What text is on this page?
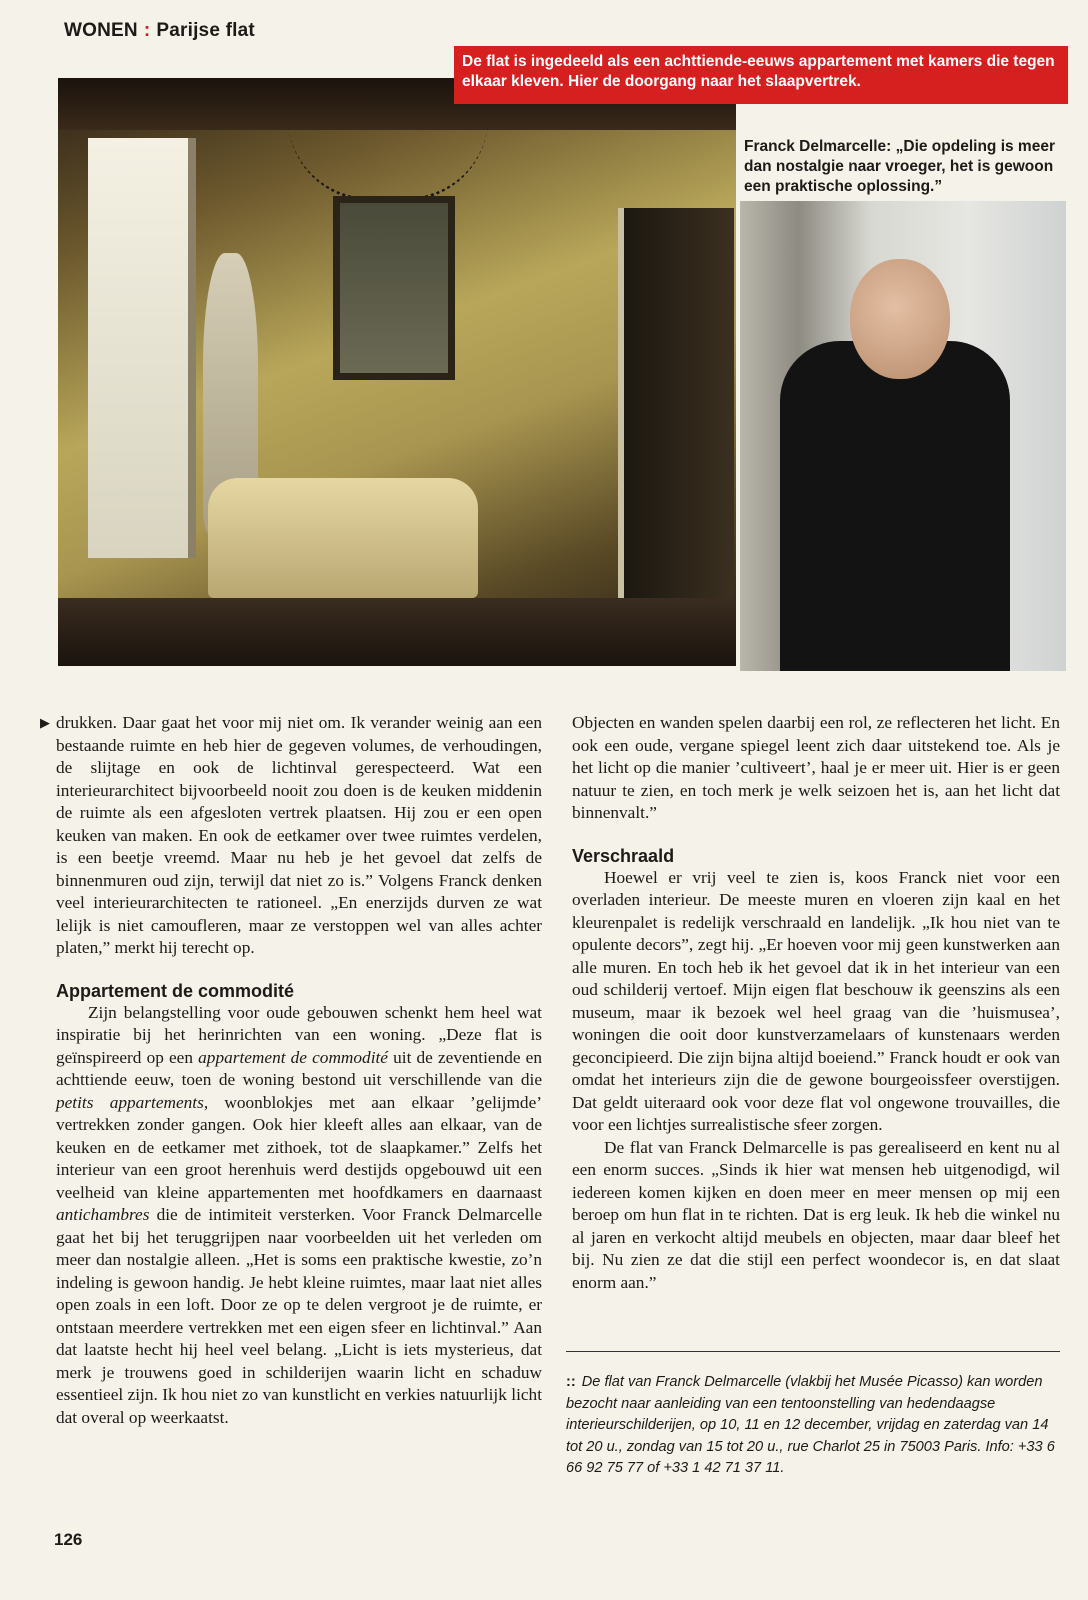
WONEN : Parijse flat
De flat is ingedeeld als een achttiende-eeuws appartement met kamers die tegen elkaar kleven. Hier de doorgang naar het slaapvertrek.
Franck Delmarcelle: „Die opdeling is meer dan nostalgie naar vroeger, het is gewoon een praktische oplossing.”
▶ drukken. Daar gaat het voor mij niet om. Ik verander weinig aan een bestaande ruimte en heb hier de gegeven volumes, de verhoudingen, de slijtage en ook de lichtinval gerespecteerd. Wat een interieurarchitect bijvoorbeeld nooit zou doen is de keuken middenin de ruimte als een afgesloten vertrek plaatsen. Hij zou er een open keuken van maken. En ook de eetkamer over twee ruimtes verdelen, is een beetje vreemd. Maar nu heb je het gevoel dat zelfs de binnenmuren oud zijn, terwijl dat niet zo is.” Volgens Franck denken veel interieurarchitecten te rationeel. „En enerzijds durven ze wat lelijk is niet camoufleren, maar ze verstoppen wel van alles achter platen,” merkt hij terecht op.

Appartement de commodité

Zijn belangstelling voor oude gebouwen schenkt hem heel wat inspiratie bij het herinrichten van een woning. „Deze flat is geïnspireerd op een appartement de commodité uit de zeventiende en achttiende eeuw, toen de woning bestond uit verschillende van die petits appartements, woonblokjes met aan elkaar ’gelijmde’ vertrekken zonder gangen. Ook hier kleeft alles aan elkaar, van de keuken en de eetkamer met zithoek, tot de slaapkamer.” Zelfs het interieur van een groot herenhuis werd destijds opgebouwd uit een veelheid van kleine appartementen met hoofdkamers en daarnaast antichambres die de intimiteit versterken. Voor Franck Delmarcelle gaat het bij het teruggrijpen naar voorbeelden uit het verleden om meer dan nostalgie alleen. „Het is soms een praktische kwestie, zo’n indeling is gewoon handig. Je hebt kleine ruimtes, maar laat niet alles open zoals in een loft. Door ze op te delen vergroot je de ruimte, er ontstaan meerdere vertrekken met een eigen sfeer en lichtinval.” Aan dat laatste hecht hij heel veel belang. „Licht is iets mysterieus, dat merk je trouwens goed in schilderijen waarin licht en schaduw essentieel zijn. Ik hou niet zo van kunstlicht en verkies natuurlijk licht dat overal op weerkaatst.

Objecten en wanden spelen daarbij een rol, ze reflecteren het licht. En ook een oude, vergane spiegel leent zich daar uitstekend toe. Als je het licht op die manier ’cultiveert’, haal je er meer uit. Hier is er geen natuur te zien, en toch merk je welk seizoen het is, aan het licht dat binnenvalt.”

Verschraald

Hoewel er vrij veel te zien is, koos Franck niet voor een overladen interieur. De meeste muren en vloeren zijn kaal en het kleurenpalet is redelijk verschraald en landelijk. „Ik hou niet van te opulente decors”, zegt hij. „Er hoeven voor mij geen kunstwerken aan alle muren. En toch heb ik het gevoel dat ik in het interieur van een oud schilderij vertoef. Mijn eigen flat beschouw ik geenszins als een museum, maar ik bezoek wel heel graag van die ’huismusea’, woningen die ooit door kunstverzamelaars of kunstenaars werden geconcipieerd. Die zijn bijna altijd boeiend.” Franck houdt er ook van omdat het interieurs zijn die de gewone bourgeoissfeer overstijgen. Dat geldt uiteraard ook voor deze flat vol ongewone trouvailles, die voor een lichtjes surrealistische sfeer zorgen.

De flat van Franck Delmarcelle is pas gerealiseerd en kent nu al een enorm succes. „Sinds ik hier wat mensen heb uitgenodigd, wil iedereen komen kijken en doen meer en meer mensen op mij een beroep om hun flat in te richten. Dat is erg leuk. Ik heb die winkel nu al jaren en verkocht altijd meubels en objecten, maar daar bleef het bij. Nu zien ze dat die stijl een perfect woondecor is, en dat slaat enorm aan.”

:: De flat van Franck Delmarcelle (vlakbij het Musée Picasso) kan worden bezocht naar aanleiding van een tentoonstelling van hedendaagse interieurschilderijen, op 10, 11 en 12 december, vrijdag en zaterdag van 14 tot 20 u., zondag van 15 tot 20 u., rue Charlot 25 in 75003 Paris. Info: +33 6 66 92 75 77 of +33 1 42 71 37 11.
126
